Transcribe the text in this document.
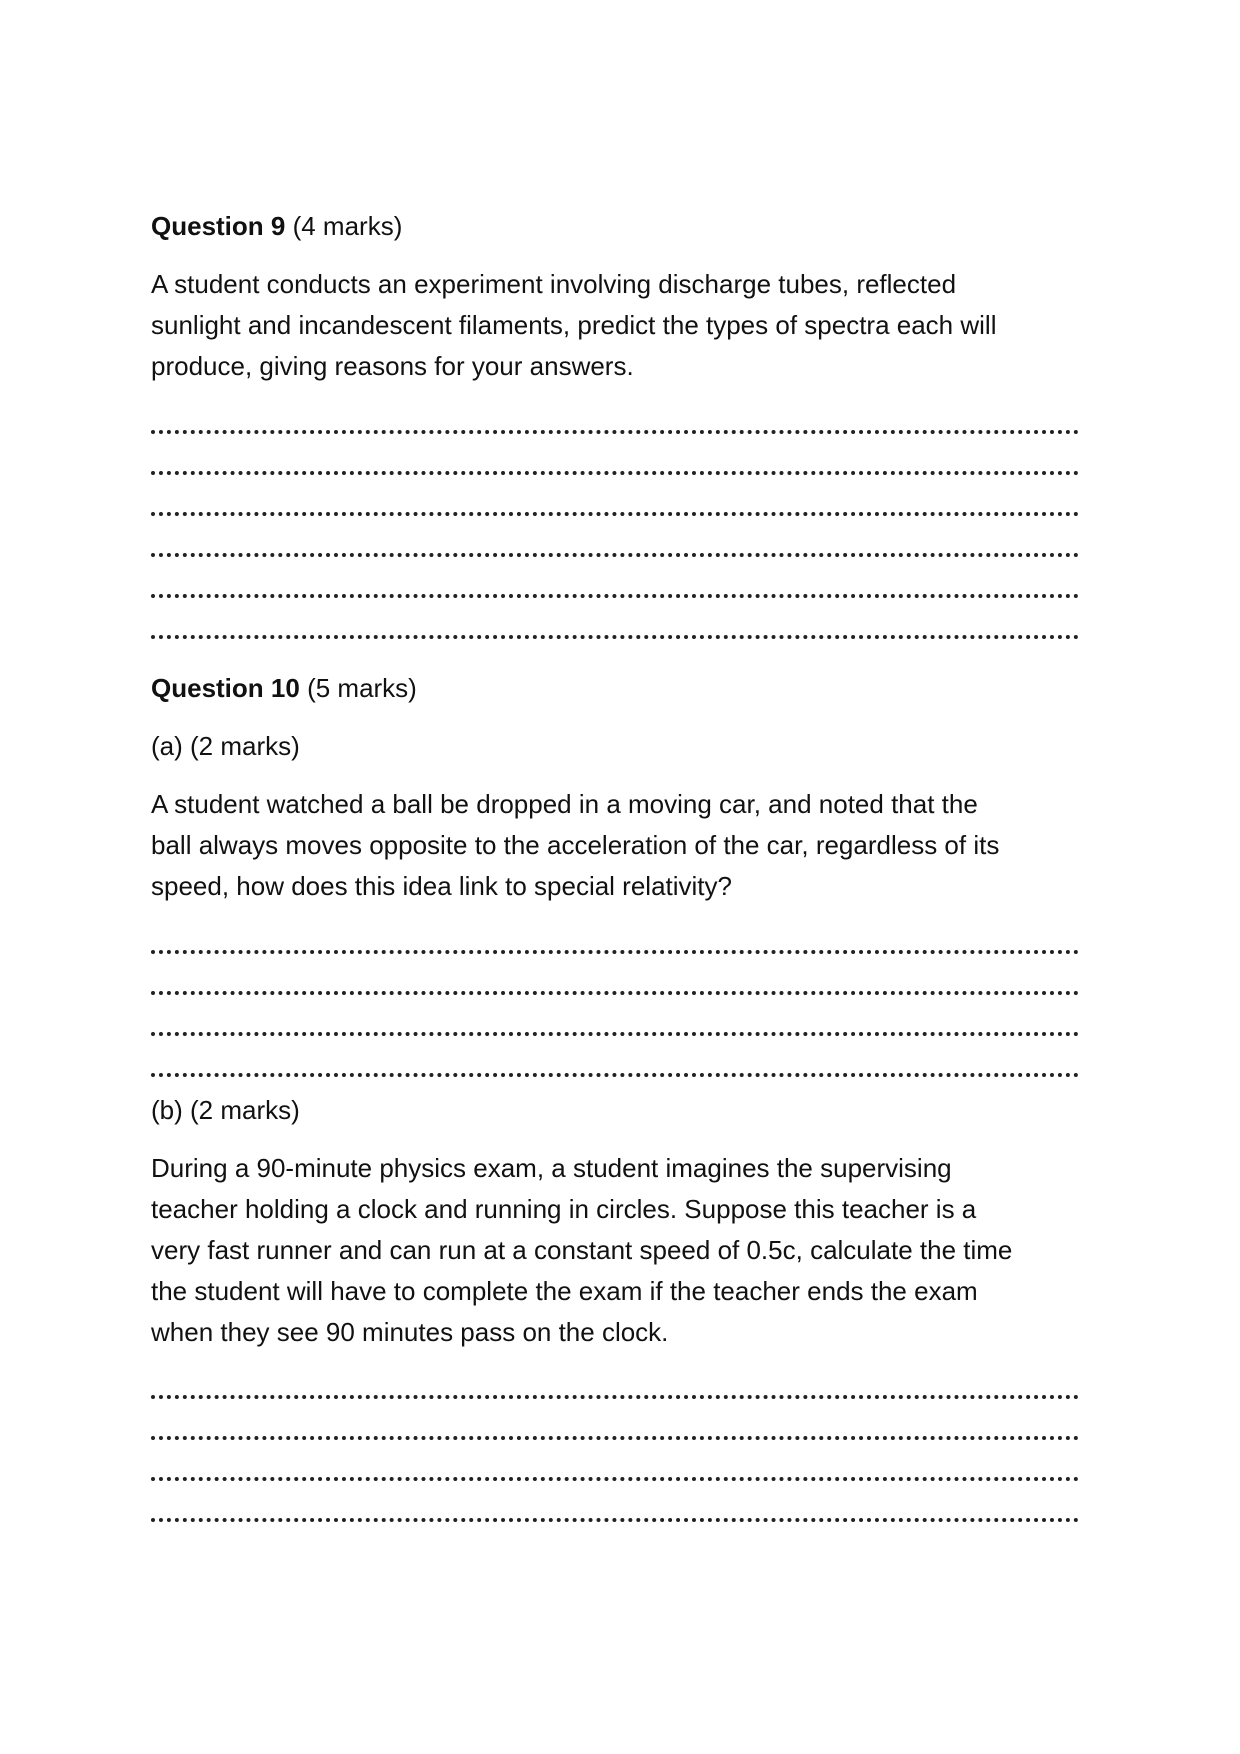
Question 9 (4 marks)
A student conducts an experiment involving discharge tubes, reflected
sunlight and incandescent filaments, predict the types of spectra each will
produce, giving reasons for your answers.
Question 10 (5 marks)
(a) (2 marks)
A student watched a ball be dropped in a moving car, and noted that the
ball always moves opposite to the acceleration of the car, regardless of its
speed, how does this idea link to special relativity?
(b) (2 marks)
During a 90-minute physics exam, a student imagines the supervising
teacher holding a clock and running in circles. Suppose this teacher is a
very fast runner and can run at a constant speed of 0.5c, calculate the time
the student will have to complete the exam if the teacher ends the exam
when they see 90 minutes pass on the clock.
